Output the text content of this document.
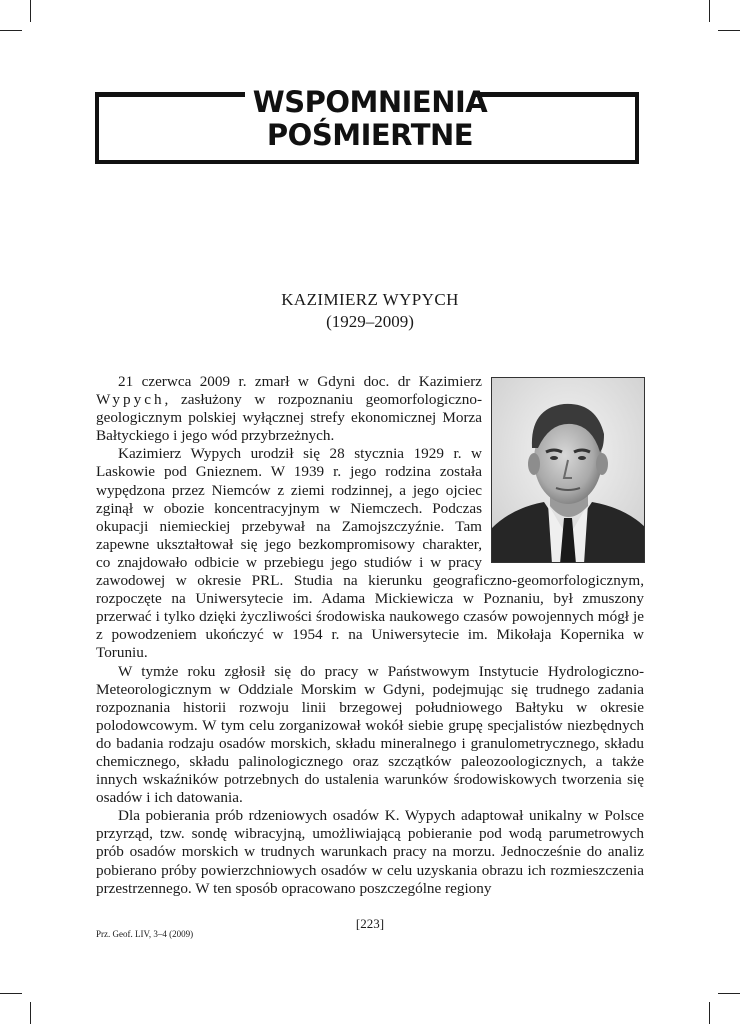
WSPOMNIENIA
POŚMIERTNE
KAZIMIERZ WYPYCH
(1929–2009)

21 czerwca 2009 r. zmarł w Gdyni doc. dr Kazimierz Wypych, zasłużony w rozpoznaniu geomorfologiczno-geologicznym polskiej wyłącznej strefy ekonomicznej Morza Bałtyckiego i jego wód przybrzeżnych.

Kazimierz Wypych urodził się 28 stycznia 1929 r. w Laskowie pod Gnieznem. W 1939 r. jego rodzina została wypędzona przez Niemców z ziemi rodzinnej, a jego ojciec zginął w obozie koncentracyjnym w Niemczech. Podczas okupacji niemieckiej przebywał na Zamojszczyźnie. Tam zapewne ukształtował się jego bezkompromisowy charakter, co znajdowało odbicie w przebiegu jego studiów i w pracy zawodowej w okresie PRL. Studia na kierunku geograficzno-geomorfologicznym, rozpoczęte na Uniwersytecie im. Adama Mickiewicza w Poznaniu, był zmuszony przerwać i tylko dzięki życzliwości środowiska naukowego czasów powojennych mógł je z powodzeniem ukończyć w 1954 r. na Uniwersytecie im. Mikołaja Kopernika w Toruniu.

W tymże roku zgłosił się do pracy w Państwowym Instytucie Hydrologiczno-Meteorologicznym w Oddziale Morskim w Gdyni, podejmując się trudnego zadania rozpoznania historii rozwoju linii brzegowej południowego Bałtyku w okresie polodowcowym. W tym celu zorganizował wokół siebie grupę specjalistów niezbędnych do badania rodzaju osadów morskich, składu mineralnego i granulometrycznego, składu chemicznego, składu palinologicznego oraz szczątków paleozoologicznych, a także innych wskaźników potrzebnych do ustalenia warunków środowiskowych tworzenia się osadów i ich datowania.

Dla pobierania prób rdzeniowych osadów K. Wypych adaptował unikalny w Polsce przyrząd, tzw. sondę wibracyjną, umożliwiającą pobieranie pod wodą parumetrowych prób osadów morskich w trudnych warunkach pracy na morzu. Jednocześnie do analiz pobierano próby powierzchniowych osadów w celu uzyskania obrazu ich rozmieszczenia przestrzennego. W ten sposób opracowano poszczególne regiony

[223]
Prz. Geof. LIV, 3–4 (2009)
